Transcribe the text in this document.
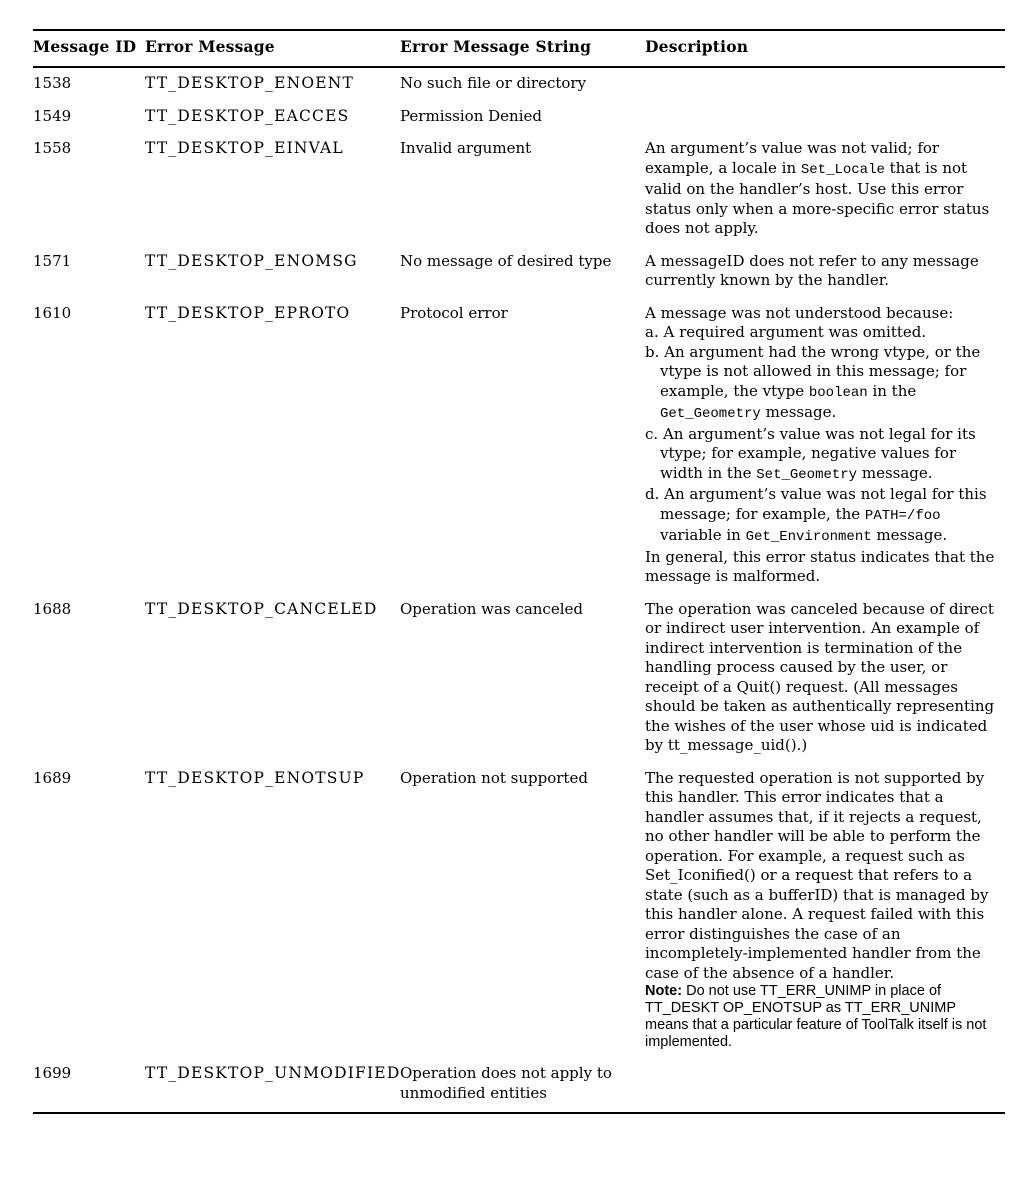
Message ID	Error Message	Error Message String	Description
1538	TT_DESKTOP_ENOENT	No such file or directory	
1549	TT_DESKTOP_EACCES	Permission Denied	
1558	TT_DESKTOP_EINVAL	Invalid argument	An argument’s value was not valid; for example, a locale in Set_Locale that is not valid on the handler’s host. Use this error status only when a more-specific error status does not apply.

1571	TT_DESKTOP_ENOMSG	No message of desired type	A messageID does not refer to any message currently known by the handler.

1610	TT_DESKTOP_EPROTO	Protocol error	A message was not understood because:
a. A required argument was omitted.
b. An argument had the wrong vtype, or the vtype is not allowed in this message; for example, the vtype boolean in the Get_Geometry message.
c. An argument’s value was not legal for its vtype; for example, negative values for width in the Set_Geometry message.
d. An argument’s value was not legal for this message; for example, the PATH=/foo variable in Get_Environment message.
In general, this error status indicates that the message is malformed.

1688	TT_DESKTOP_CANCELED	Operation was canceled	The operation was canceled because of direct or indirect user intervention. An example of indirect intervention is termination of the handling process caused by the user, or receipt of a Quit() request. (All messages should be taken as authentically representing the wishes of the user whose uid is indicated by tt_message_uid().)

1689	TT_DESKTOP_ENOTSUP	Operation not supported	The requested operation is not supported by this handler. This error indicates that a handler assumes that, if it rejects a request, no other handler will be able to perform the operation. For example, a request such as Set_Iconified() or a request that refers to a state (such as a bufferID) that is managed by this handler alone. A request failed with this error distinguishes the case of an incompletely-implemented handler from the case of the absence of a handler.
Note: Do not use TT_ERR_UNIMP in place of TT_DESKT OP_ENOTSUP as TT_ERR_UNIMP means that a particular feature of ToolTalk itself is not implemented.

1699	TT_DESKTOP_UNMODIFIED	Operation does not apply to unmodified entities	
